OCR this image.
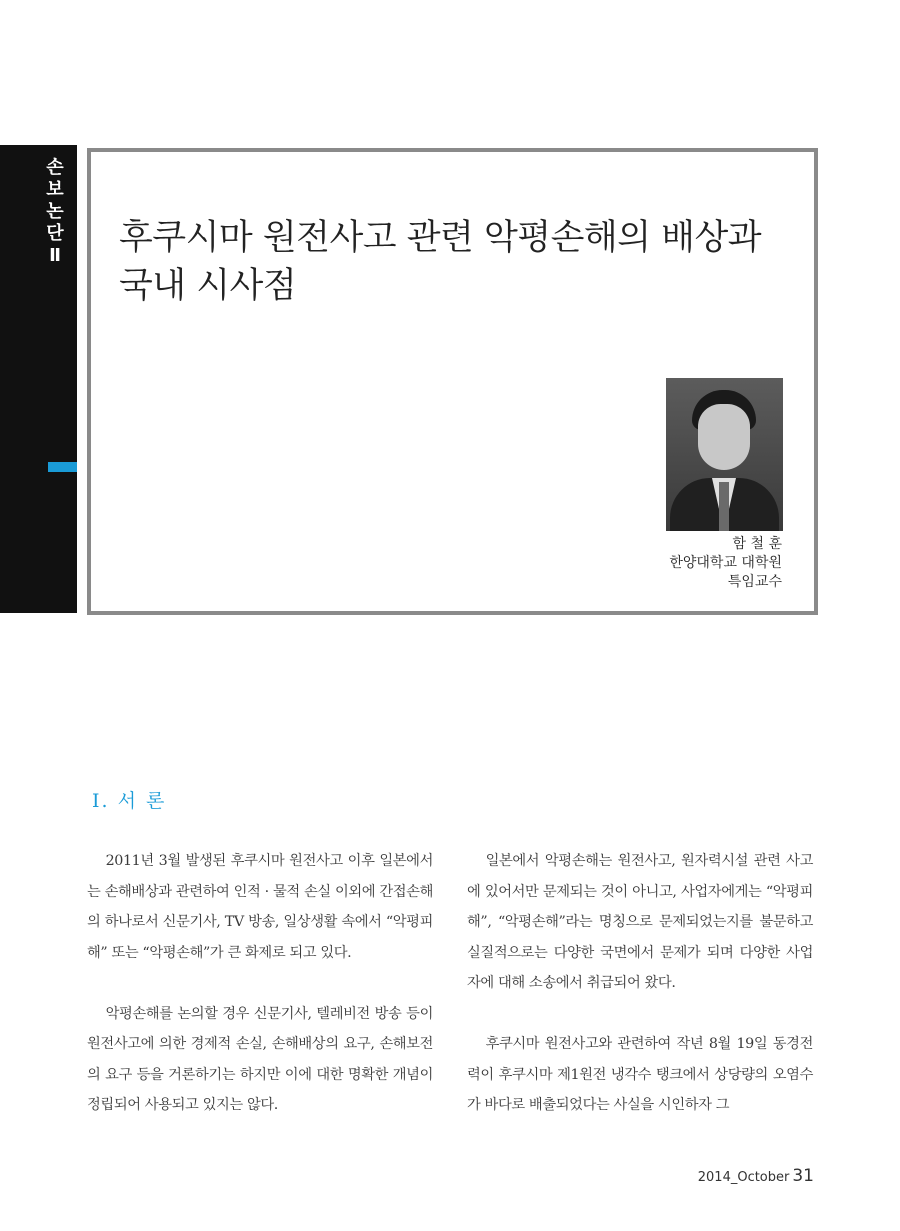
손
보
논
단
Ⅱ 후쿠시마 원전사고 관련 악평손해의 배상과
국내 시사점
함 철 훈
한양대학교 대학원
특임교수
Ⅰ. 서 론

2011년 3월 발생된 후쿠시마 원전사고 이후 일본에서는 손해배상과 관련하여 인적 · 물적 손실 이외에 간접손해의 하나로서 신문기사, TV 방송, 일상생활 속에서 “악평피해” 또는 “악평손해”가 큰 화제로 되고 있다.

악평손해를 논의할 경우 신문기사, 텔레비전 방송 등이 원전사고에 의한 경제적 손실, 손해배상의 요구, 손해보전의 요구 등을 거론하기는 하지만 이에 대한 명확한 개념이 정립되어 사용되고 있지는 않다.

일본에서 악평손해는 원전사고, 원자력시설 관련 사고에 있어서만 문제되는 것이 아니고, 사업자에게는 “악평피해”, “악평손해”라는 명칭으로 문제되었는지를 불문하고 실질적으로는 다양한 국면에서 문제가 되며 다양한 사업자에 대해 소송에서 취급되어 왔다.

후쿠시마 원전사고와 관련하여 작년 8월 19일 동경전력이 후쿠시마 제1원전 냉각수 탱크에서 상당량의 오염수가 바다로 배출되었다는 사실을 시인하자 그

2014_October 31
